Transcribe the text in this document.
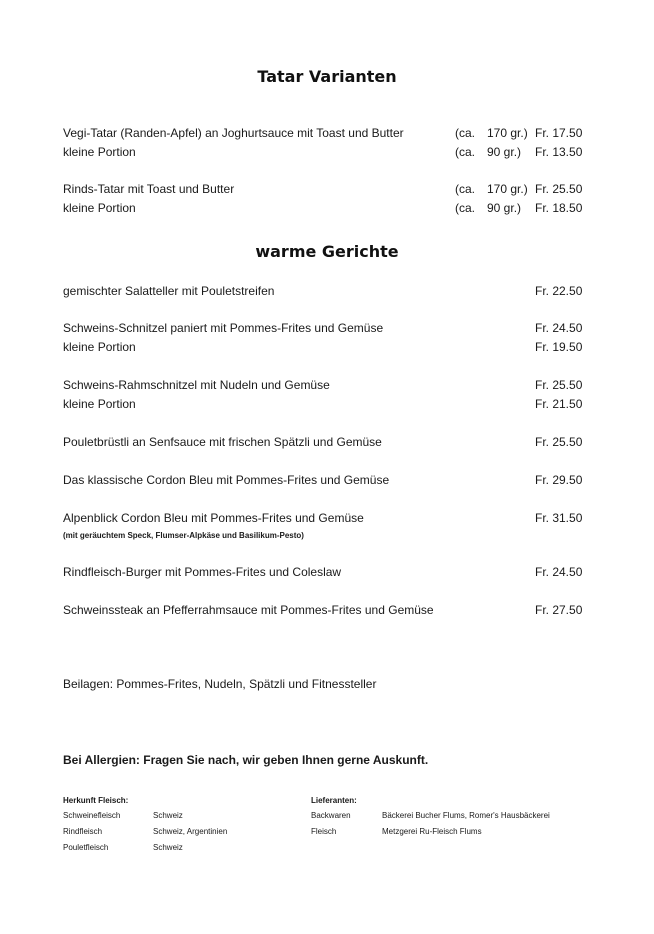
Tatar Varianten
Vegi-Tatar (Randen-Apfel) an Joghurtsauce mit Toast und Butter	(ca. 170 gr.) Fr. 17.50
kleine Portion	(ca. 90 gr.) Fr. 13.50
Rinds-Tatar mit Toast und Butter	(ca. 170 gr.) Fr. 25.50
kleine Portion	(ca. 90 gr.) Fr. 18.50
warme Gerichte
gemischter Salatteller mit Pouletstreifen	Fr. 22.50
Schweins-Schnitzel paniert mit Pommes-Frites und Gemüse	Fr. 24.50
kleine Portion	Fr. 19.50
Schweins-Rahmschnitzel mit Nudeln und Gemüse	Fr. 25.50
kleine Portion	Fr. 21.50
Pouletbrüstli an Senfsauce mit frischen Spätzli und Gemüse	Fr. 25.50
Das klassische Cordon Bleu mit Pommes-Frites und Gemüse	Fr. 29.50
Alpenblick Cordon Bleu mit Pommes-Frites und Gemüse	Fr. 31.50
(mit geräuchtem Speck, Flumser-Alpkäse und Basilikum-Pesto)
Rindfleisch-Burger mit Pommes-Frites und Coleslaw	Fr. 24.50
Schweinssteak an Pfefferrahmsauce mit Pommes-Frites und Gemüse	Fr. 27.50
Beilagen: Pommes-Frites, Nudeln, Spätzli und Fitnessteller
Bei Allergien: Fragen Sie nach, wir geben Ihnen gerne Auskunft.
Herkunft Fleisch:
Schweinefleisch	Schweiz
Rindfleisch	Schweiz, Argentinien
Pouletfleisch	Schweiz
Lieferanten:
Backwaren	Bäckerei Bucher Flums, Romer's Hausbäckerei
Fleisch	Metzgerei Ru-Fleisch Flums
